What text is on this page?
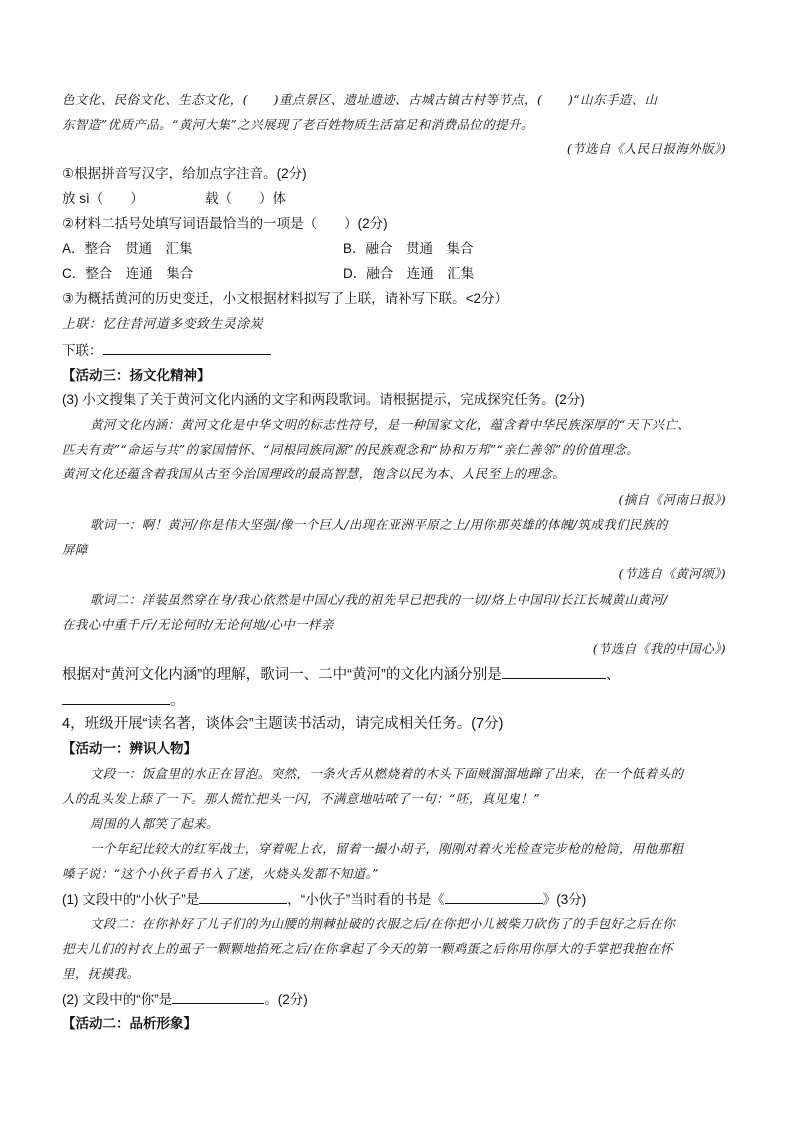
色文化、民俗文化、生态文化，(　　)重点景区、遗址遗迹、古城古镇古村等节点，(　　)“山东手造、山
东智造”优质产品。“黄河大集”之兴展现了老百姓物质生活富足和消费品位的提升。
(节选自《人民日报海外版》)
①根据拼音写汉字，给加点字注音。(2分)
放 sì（　　）	载（　　）体
②材料二括号处填写词语最恰当的一项是（　　）(2分)
A．整合　贯通　汇集	B．融合　贯通　集合
C．整合　连通　集合	D．融合　连通　汇集
③为概括黄河的历史变迁，小文根据材料拟写了上联，请补写下联。<2分）
上联：忆往昔河道多变致生灵涂炭
下联：
【活动三：扬文化精神】
(3) 小文搜集了关于黄河文化内涵的文字和两段歌词。请根据提示，完成探究任务。(2分)
黄河文化内涵：黄河文化是中华文明的标志性符号，是一种国家文化，蕴含着中华民族深厚的“天下兴亡、
匹夫有责”“命运与共”的家国情怀、“同根同族同源”的民族观念和“协和万邦”“亲仁善邻”的价值理念。
黄河文化还蕴含着我国从古至今治国理政的最高智慧，饱含以民为本、人民至上的理念。
(摘自《河南日报》)
歌词一：啊！黄河/你是伟大坚强/像一个巨人/出现在亚洲平原之上/用你那英雄的体魄/筑成我们民族的
屏障
(节选自《黄河颂》)
歌词二：洋装虽然穿在身/我心依然是中国心/我的祖先早已把我的一切/烙上中国印/长江长城黄山黄河/
在我心中重千斤/无论何时/无论何地/心中一样亲
(节选自《我的中国心》)
根据对“黄河文化内涵”的理解，歌词一、二中“黄河”的文化内涵分别是	、
。
4，班级开展“读名著，谈体会”主题读书活动，请完成相关任务。(7分)
【活动一：辨识人物】
文段一：饭盒里的水正在冒泡。突然，一条火舌从燃烧着的木头下面贼溜溜地蹿了出来，在一个低着头的
人的乱头发上舔了一下。那人慌忙把头一闪，不满意地咕哝了一句：“呸，真见鬼！”
周围的人都笑了起来。
一个年纪比较大的红军战士，穿着呢上衣，留着一撮小胡子，刚刚对着火光检查完步枪的枪筒，用他那粗
嗓子说：“这个小伙子看书入了迷，火烧头发都不知道。”
(1) 文段中的“小伙子”是	，“小伙子”当时看的书是《	》(3分)
文段二：在你补好了儿子们的为山腰的荆棘扯破的衣服之后/在你把小儿被柴刀砍伤了的手包好之后在你
把夫儿们的衬衣上的虱子一颗颗地掐死之后/在你拿起了今天的第一颗鸡蛋之后你用你厚大的手掌把我抱在怀
里，抚摸我。
(2) 文段中的“你”是	。(2分)
【活动二：品析形象】
